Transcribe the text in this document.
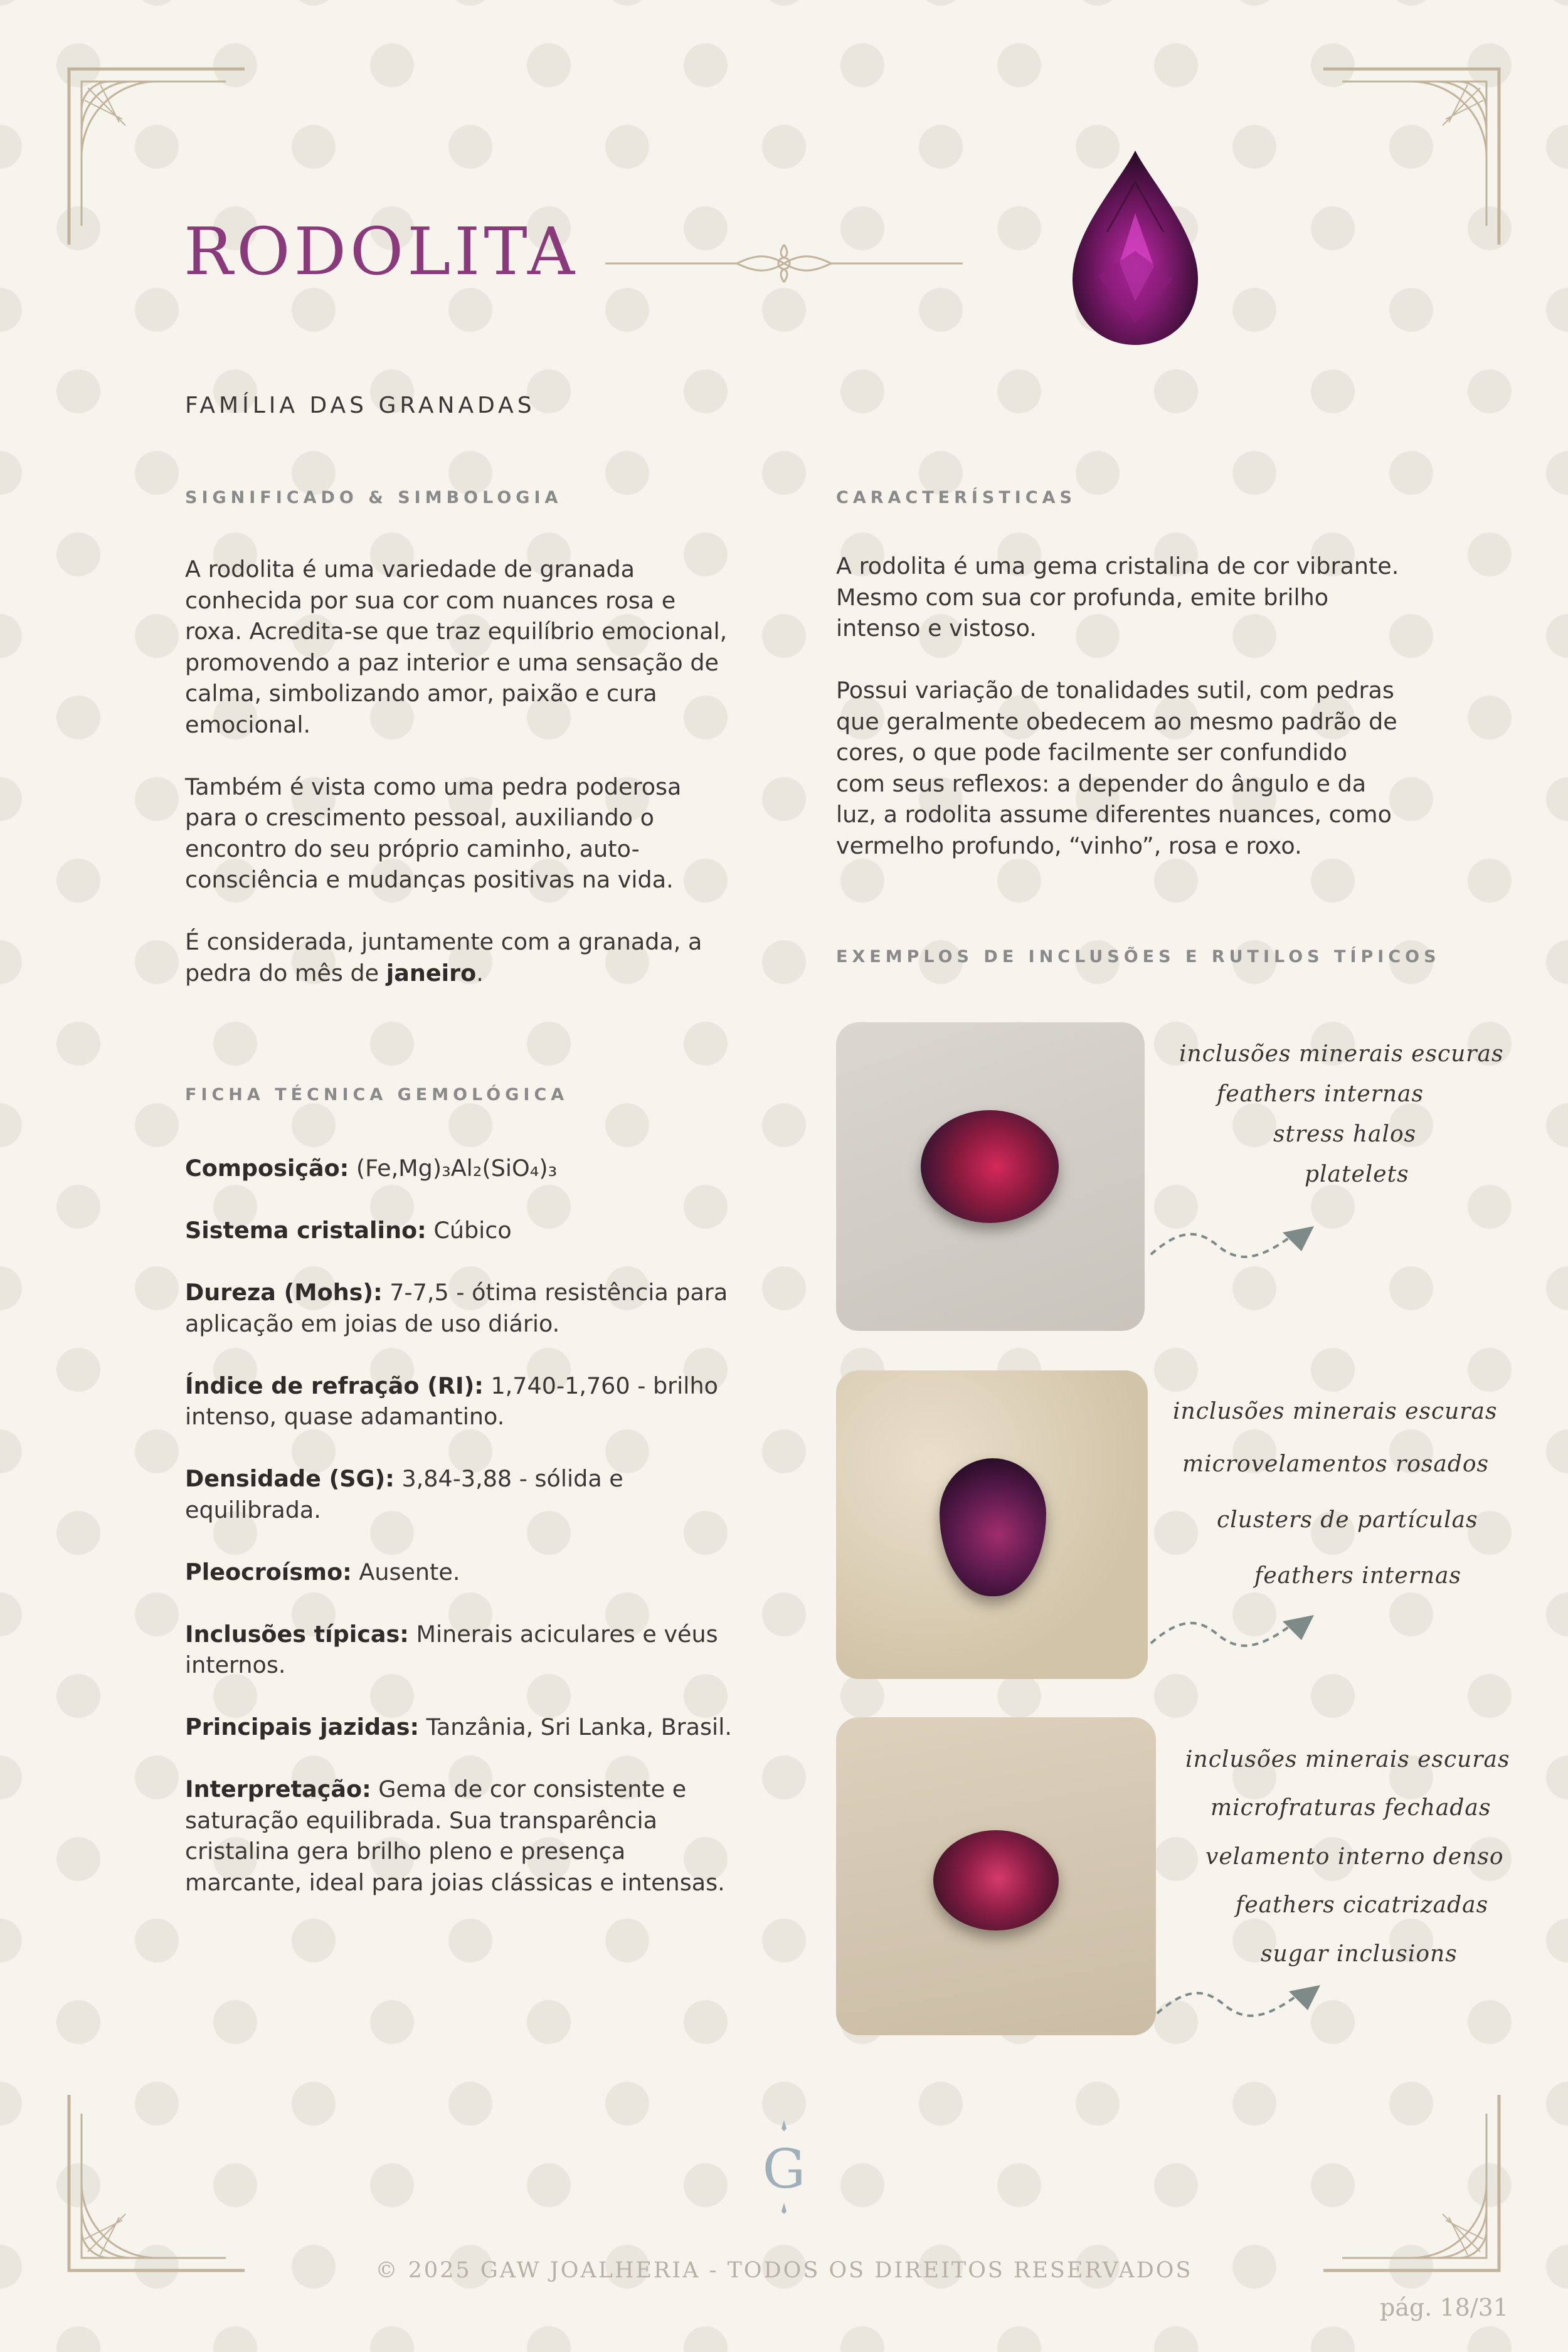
RODOLITA
FAMÍLIA DAS GRANADAS
SIGNIFICADO & SIMBOLOGIA

A rodolita é uma variedade de granada conhecida por sua cor com nuances rosa e roxa. Acredita-se que traz equilíbrio emocional, promovendo a paz interior e uma sensação de calma, simbolizando amor, paixão e cura emocional.

Também é vista como uma pedra poderosa para o crescimento pessoal, auxiliando o encontro do seu próprio caminho, auto-consciência e mudanças positivas na vida.

É considerada, juntamente com a granada, a pedra do mês de janeiro.

FICHA TÉCNICA GEMOLÓGICA

Composição: (Fe,Mg)₃Al₂(SiO₄)₃

Sistema cristalino: Cúbico

Dureza (Mohs): 7-7,5 - ótima resistência para aplicação em joias de uso diário.

Índice de refração (RI): 1,740-1,760 - brilho intenso, quase adamantino.

Densidade (SG): 3,84-3,88 - sólida e equilibrada.

Pleocroísmo: Ausente.

Inclusões típicas: Minerais aciculares e véus internos.

Principais jazidas: Tanzânia, Sri Lanka, Brasil.

Interpretação: Gema de cor consistente e saturação equilibrada. Sua transparência cristalina gera brilho pleno e presença marcante, ideal para joias clássicas e intensas.

CARACTERÍSTICAS

A rodolita é uma gema cristalina de cor vibrante. Mesmo com sua cor profunda, emite brilho intenso e vistoso.

Possui variação de tonalidades sutil, com pedras que geralmente obedecem ao mesmo padrão de cores, o que pode facilmente ser confundido com seus reflexos: a depender do ângulo e da luz, a rodolita assume diferentes nuances, como vermelho profundo, “vinho”, rosa e roxo.

EXEMPLOS DE INCLUSÕES E RUTILOS TÍPICOS
inclusões minerais escuras
feathers internas
stress halos
platelets
inclusões minerais escuras
microvelamentos rosados
clusters de partículas
feathers internas
inclusões minerais escuras
microfraturas fechadas
velamento interno denso
feathers cicatrizadas
sugar inclusions
G
© 2025 GAW JOALHERIA - TODOS OS DIREITOS RESERVADOS
pág. 18/31
